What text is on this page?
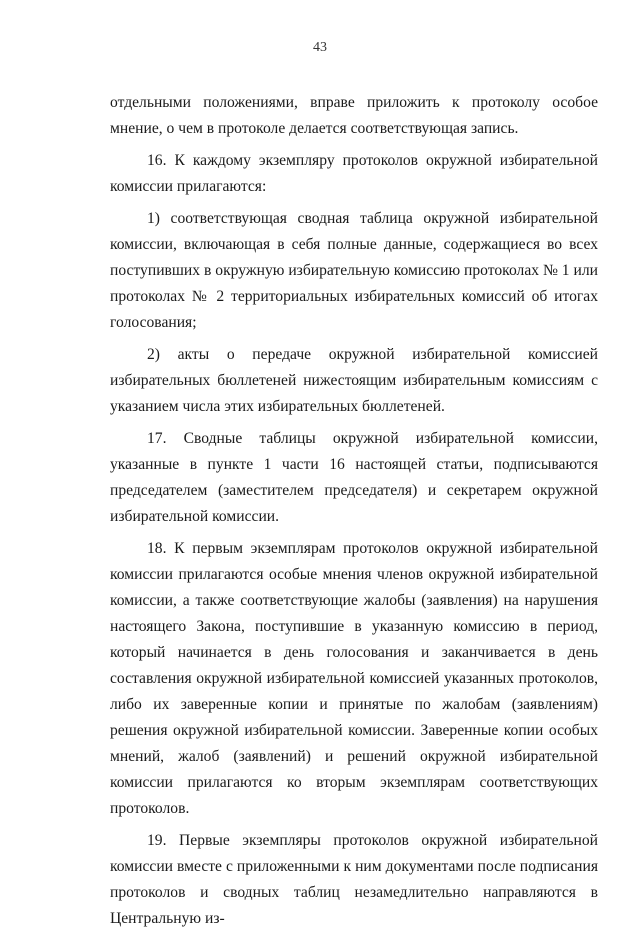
43

отдельными положениями, вправе приложить к протоколу особое мнение, о чем в протоколе делается соответствующая запись.

16. К каждому экземпляру протоколов окружной избирательной комиссии прилагаются:

1) соответствующая сводная таблица окружной избирательной комиссии, включающая в себя полные данные, содержащиеся во всех поступивших в окружную избирательную комиссию протоколах № 1 или протоколах № 2 территориальных избирательных комиссий об итогах голосования;

2) акты о передаче окружной избирательной комиссией избирательных бюллетеней нижестоящим избирательным комиссиям с указанием числа этих избирательных бюллетеней.

17. Сводные таблицы окружной избирательной комиссии, указанные в пункте 1 части 16 настоящей статьи, подписываются председателем (заместителем председателя) и секретарем окружной избирательной комиссии.

18. К первым экземплярам протоколов окружной избирательной комиссии прилагаются особые мнения членов окружной избирательной комиссии, а также соответствующие жалобы (заявления) на нарушения настоящего Закона, поступившие в указанную комиссию в период, который начинается в день голосования и заканчивается в день составления окружной избирательной комиссией указанных протоколов, либо их заверенные копии и принятые по жалобам (заявлениям) решения окружной избирательной комиссии. Заверенные копии особых мнений, жалоб (заявлений) и решений окружной избирательной комиссии прилагаются ко вторым экземплярам соответствующих протоколов.

19. Первые экземпляры протоколов окружной избирательной комиссии вместе с приложенными к ним документами после подписания протоколов и сводных таблиц незамедлительно направляются в Центральную из-
